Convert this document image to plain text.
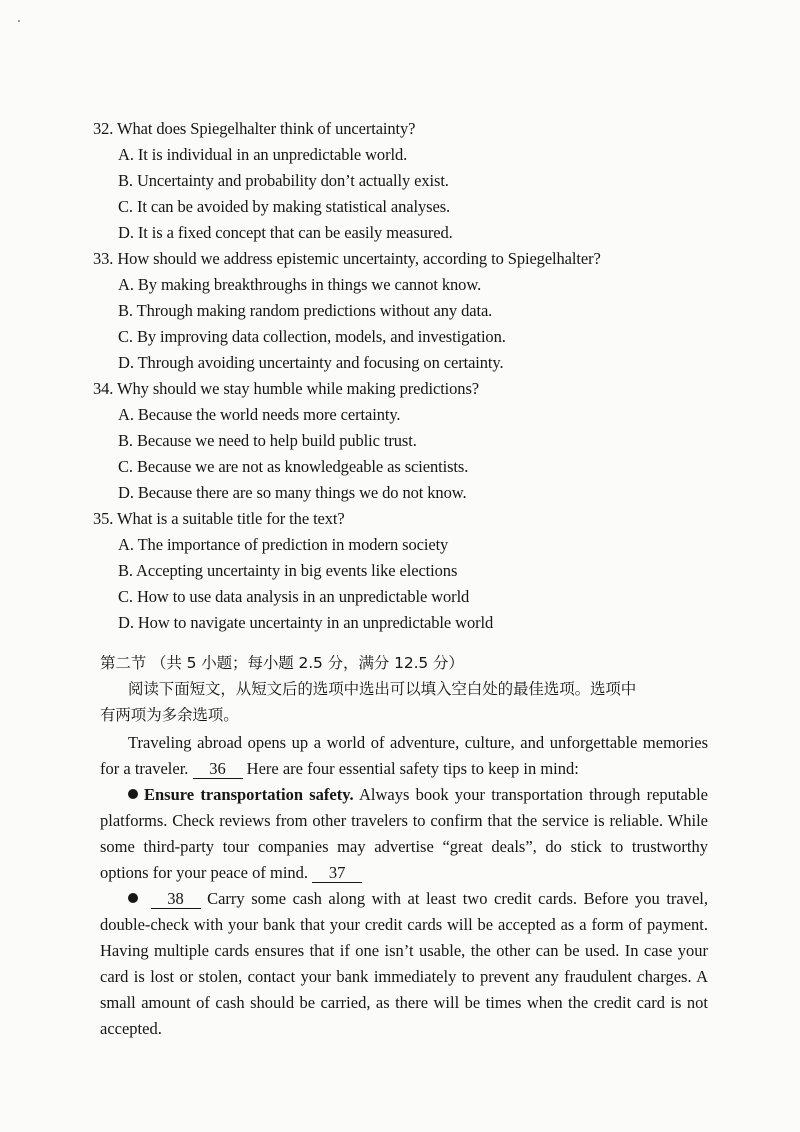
32. What does Spiegelhalter think of uncertainty?
A. It is individual in an unpredictable world.
B. Uncertainty and probability don’t actually exist.
C. It can be avoided by making statistical analyses.
D. It is a fixed concept that can be easily measured.
33. How should we address epistemic uncertainty, according to Spiegelhalter?
A. By making breakthroughs in things we cannot know.
B. Through making random predictions without any data.
C. By improving data collection, models, and investigation.
D. Through avoiding uncertainty and focusing on certainty.
34. Why should we stay humble while making predictions?
A. Because the world needs more certainty.
B. Because we need to help build public trust.
C. Because we are not as knowledgeable as scientists.
D. Because there are so many things we do not know.
35. What is a suitable title for the text?
A. The importance of prediction in modern society
B. Accepting uncertainty in big events like elections
C. How to use data analysis in an unpredictable world
D. How to navigate uncertainty in an unpredictable world
第二节 （共 5 小题；每小题 2.5 分，满分 12.5 分）
阅读下面短文，从短文后的选项中选出可以填入空白处的最佳选项。选项中
有两项为多余选项。

Traveling abroad opens up a world of adventure, culture, and unforgettable memories for a traveler. 36 Here are four essential safety tips to keep in mind:

Ensure transportation safety. Always book your transportation through reputable platforms. Check reviews from other travelers to confirm that the service is reliable. While some third-party tour companies may advertise “great deals”, do stick to trustworthy options for your peace of mind. 37

38 Carry some cash along with at least two credit cards. Before you travel, double-check with your bank that your credit cards will be accepted as a form of payment. Having multiple cards ensures that if one isn’t usable, the other can be used. In case your card is lost or stolen, contact your bank immediately to prevent any fraudulent charges. A small amount of cash should be carried, as there will be times when the credit card is not accepted.
